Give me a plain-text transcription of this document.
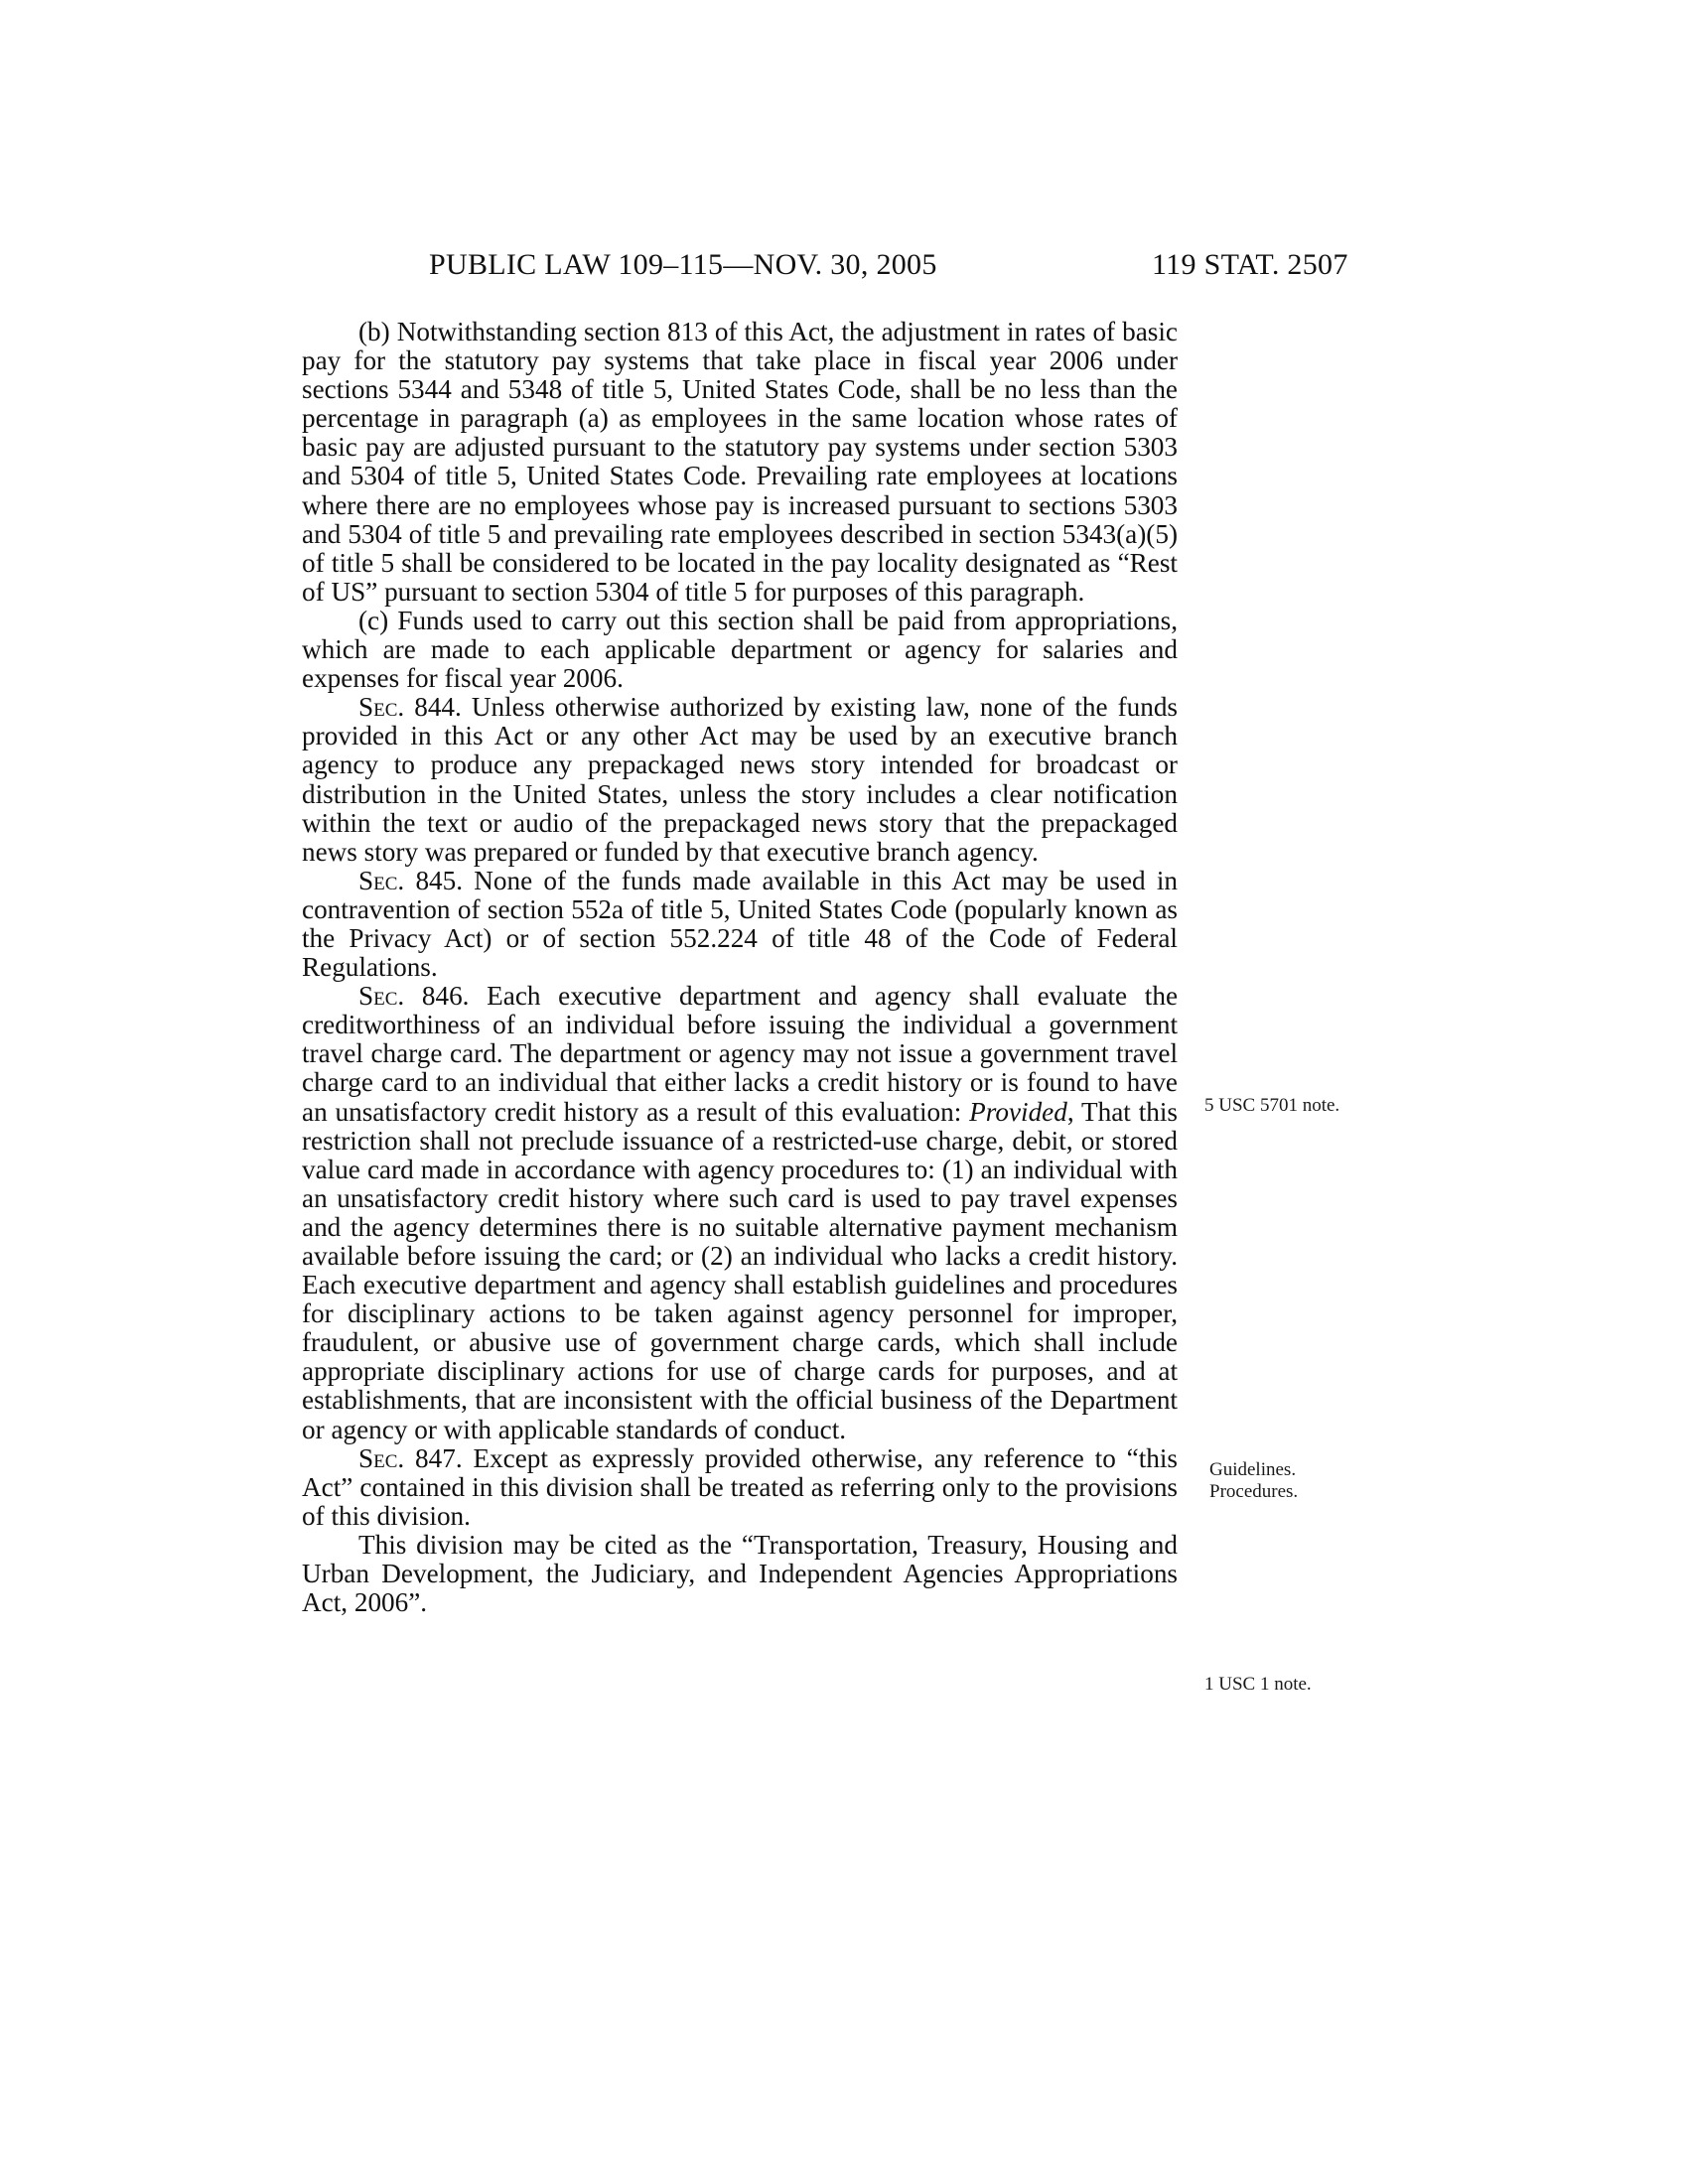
PUBLIC LAW 109–115—NOV. 30, 2005	119 STAT. 2507

(b) Notwithstanding section 813 of this Act, the adjustment in rates of basic pay for the statutory pay systems that take place in fiscal year 2006 under sections 5344 and 5348 of title 5, United States Code, shall be no less than the percentage in paragraph (a) as employees in the same location whose rates of basic pay are adjusted pursuant to the statutory pay systems under section 5303 and 5304 of title 5, United States Code. Prevailing rate employees at locations where there are no employees whose pay is increased pursuant to sections 5303 and 5304 of title 5 and prevailing rate employees described in section 5343(a)(5) of title 5 shall be considered to be located in the pay locality designated as “Rest of US” pursuant to section 5304 of title 5 for purposes of this paragraph.

(c) Funds used to carry out this section shall be paid from appropriations, which are made to each applicable department or agency for salaries and expenses for fiscal year 2006.

Sec. 844. Unless otherwise authorized by existing law, none of the funds provided in this Act or any other Act may be used by an executive branch agency to produce any prepackaged news story intended for broadcast or distribution in the United States, unless the story includes a clear notification within the text or audio of the prepackaged news story that the prepackaged news story was prepared or funded by that executive branch agency.

Sec. 845. None of the funds made available in this Act may be used in contravention of section 552a of title 5, United States Code (popularly known as the Privacy Act) or of section 552.224 of title 48 of the Code of Federal Regulations.

Sec. 846. Each executive department and agency shall evaluate the creditworthiness of an individual before issuing the individual a government travel charge card. The department or agency may not issue a government travel charge card to an individual that either lacks a credit history or is found to have an unsatisfactory credit history as a result of this evaluation: Provided, That this restriction shall not preclude issuance of a restricted-use charge, debit, or stored value card made in accordance with agency procedures to: (1) an individual with an unsatisfactory credit history where such card is used to pay travel expenses and the agency determines there is no suitable alternative payment mechanism available before issuing the card; or (2) an individual who lacks a credit history. Each executive department and agency shall establish guidelines and procedures for disciplinary actions to be taken against agency personnel for improper, fraudulent, or abusive use of government charge cards, which shall include appropriate disciplinary actions for use of charge cards for purposes, and at establishments, that are inconsistent with the official business of the Department or agency or with applicable standards of conduct.

Sec. 847. Except as expressly provided otherwise, any reference to “this Act” contained in this division shall be treated as referring only to the provisions of this division.

This division may be cited as the “Transportation, Treasury, Housing and Urban Development, the Judiciary, and Independent Agencies Appropriations Act, 2006”.

5 USC 5701 note.
Guidelines.
Procedures.
1 USC 1 note.
